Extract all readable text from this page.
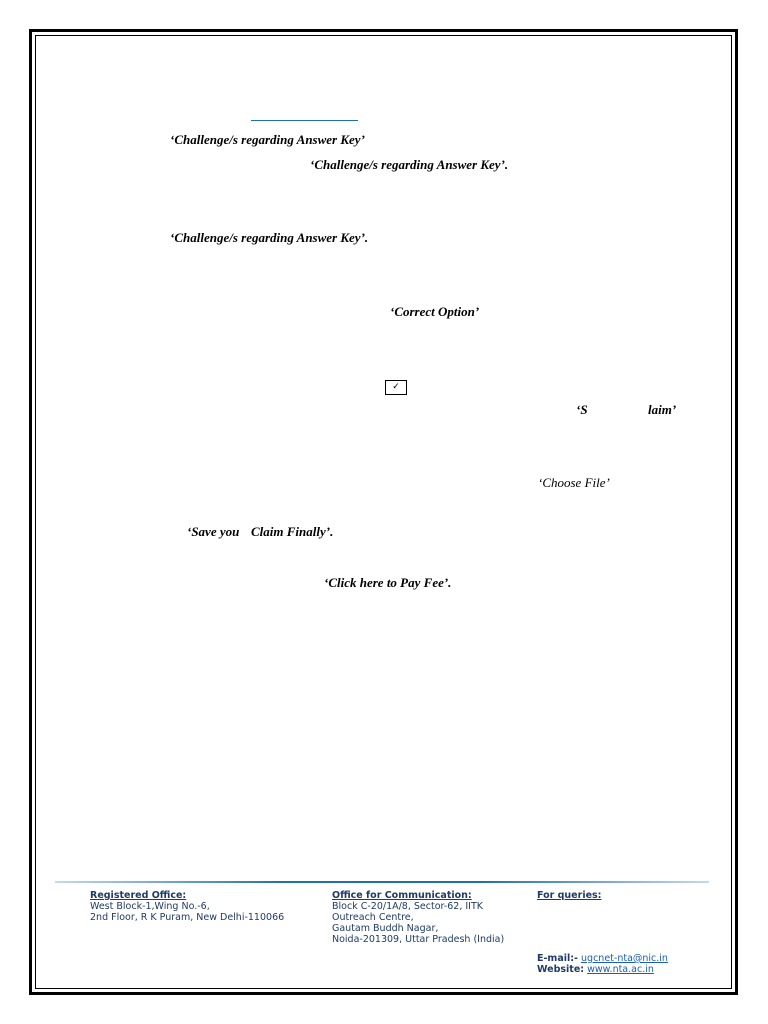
‘Challenge/s regarding Answer Key’
‘Challenge/s regarding Answer Key’.
‘Challenge/s regarding Answer Key’.
‘Correct Option’
✓
‘S	laim’
‘Choose File’
‘Save you Claim Finally’.
‘Click here to Pay Fee’.
Registered Office:
West Block-1,Wing No.-6,
2nd Floor, R K Puram, New Delhi-110066
Office for Communication:
Block C-20/1A/8, Sector-62, IITK
Outreach Centre,
Gautam Buddh Nagar,
Noida-201309, Uttar Pradesh (India)
For queries:
E-mail:- ugcnet-nta@nic.in
Website: www.nta.ac.in
